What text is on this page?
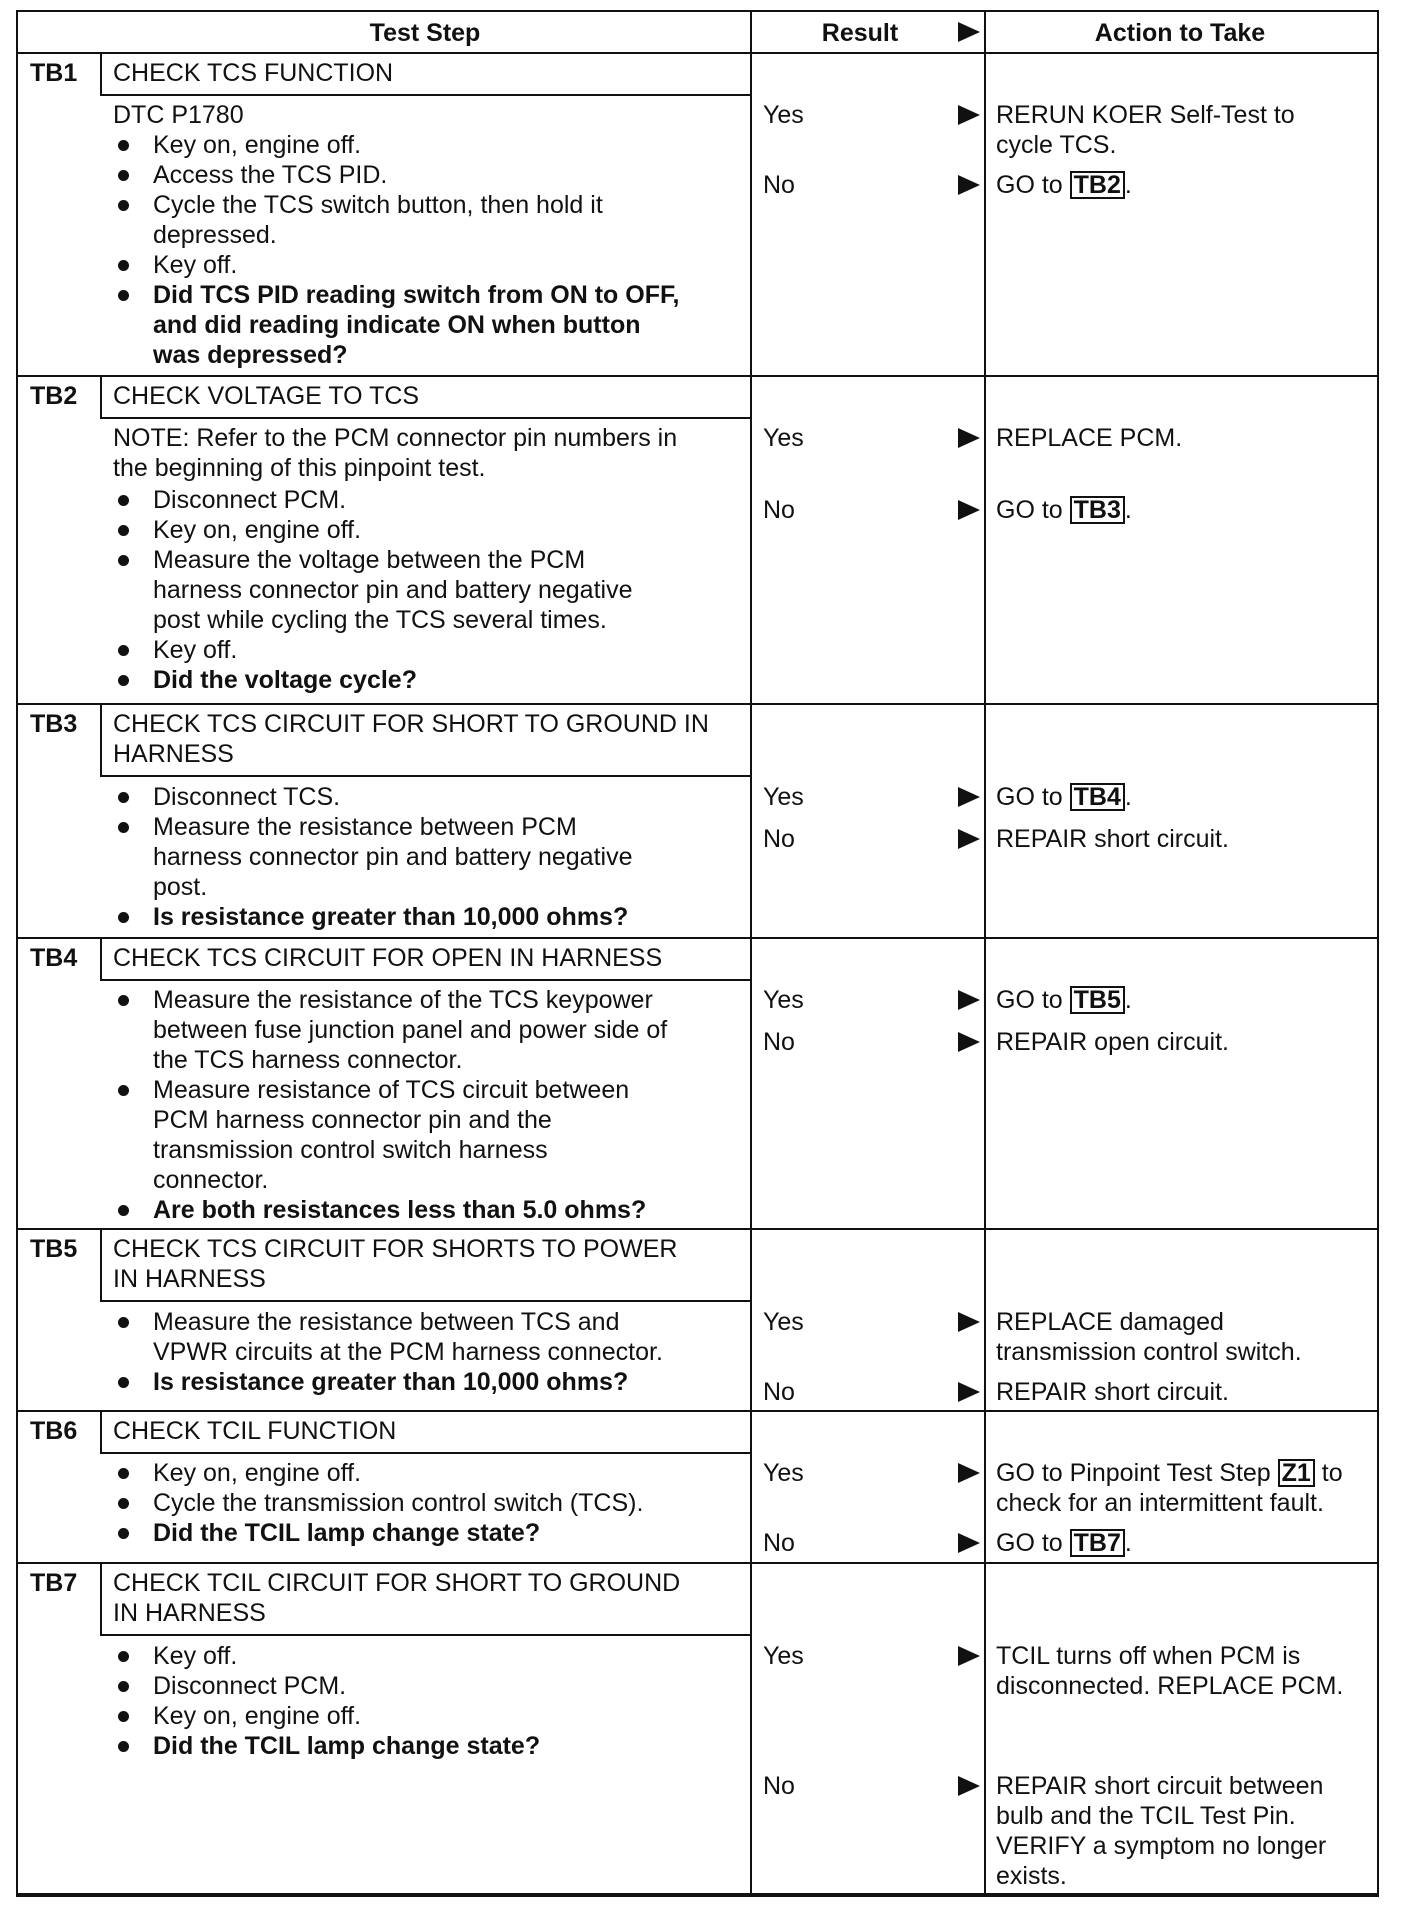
Test Step	Result	Action to Take
TB1 CHECK TCS FUNCTION
DTC P1780
Key on, engine off.
Access the TCS PID.
Cycle the TCS switch button, then hold it
depressed.
Key off.
Did TCS PID reading switch from ON to OFF,
and did reading indicate ON when button
was depressed?
Yes	RERUN KOER Self-Test to
cycle TCS.
No	GO to TB2 .
TB2 CHECK VOLTAGE TO TCS
NOTE: Refer to the PCM connector pin numbers in
the beginning of this pinpoint test.
Disconnect PCM.
Key on, engine off.
Measure the voltage between the PCM
harness connector pin and battery negative
post while cycling the TCS several times.
Key off.
Did the voltage cycle?
Yes	REPLACE PCM.
No	GO to TB3 .
TB3 CHECK TCS CIRCUIT FOR SHORT TO GROUND IN
HARNESS
Disconnect TCS.
Measure the resistance between PCM
harness connector pin and battery negative
post.
Is resistance greater than 10,000 ohms?
Yes	GO to TB4 .
No	REPAIR short circuit.
TB4 CHECK TCS CIRCUIT FOR OPEN IN HARNESS
Measure the resistance of the TCS keypower
between fuse junction panel and power side of
the TCS harness connector.
Measure resistance of TCS circuit between
PCM harness connector pin and the
transmission control switch harness
connector.
Are both resistances less than 5.0 ohms?
Yes	GO to TB5 .
No	REPAIR open circuit.
TB5 CHECK TCS CIRCUIT FOR SHORTS TO POWER
IN HARNESS
Measure the resistance between TCS and
VPWR circuits at the PCM harness connector.
Is resistance greater than 10,000 ohms?
Yes	REPLACE damaged
transmission control switch.
No	REPAIR short circuit.
TB6 CHECK TCIL FUNCTION
Key on, engine off.
Cycle the transmission control switch (TCS).
Did the TCIL lamp change state?
Yes	GO to Pinpoint Test Step Z1 to
check for an intermittent fault.
No	GO to TB7 .
TB7 CHECK TCIL CIRCUIT FOR SHORT TO GROUND
IN HARNESS
Key off.
Disconnect PCM.
Key on, engine off.
Did the TCIL lamp change state?
Yes	TCIL turns off when PCM is
disconnected. REPLACE PCM.
No	REPAIR short circuit between
bulb and the TCIL Test Pin.
VERIFY a symptom no longer
exists.
